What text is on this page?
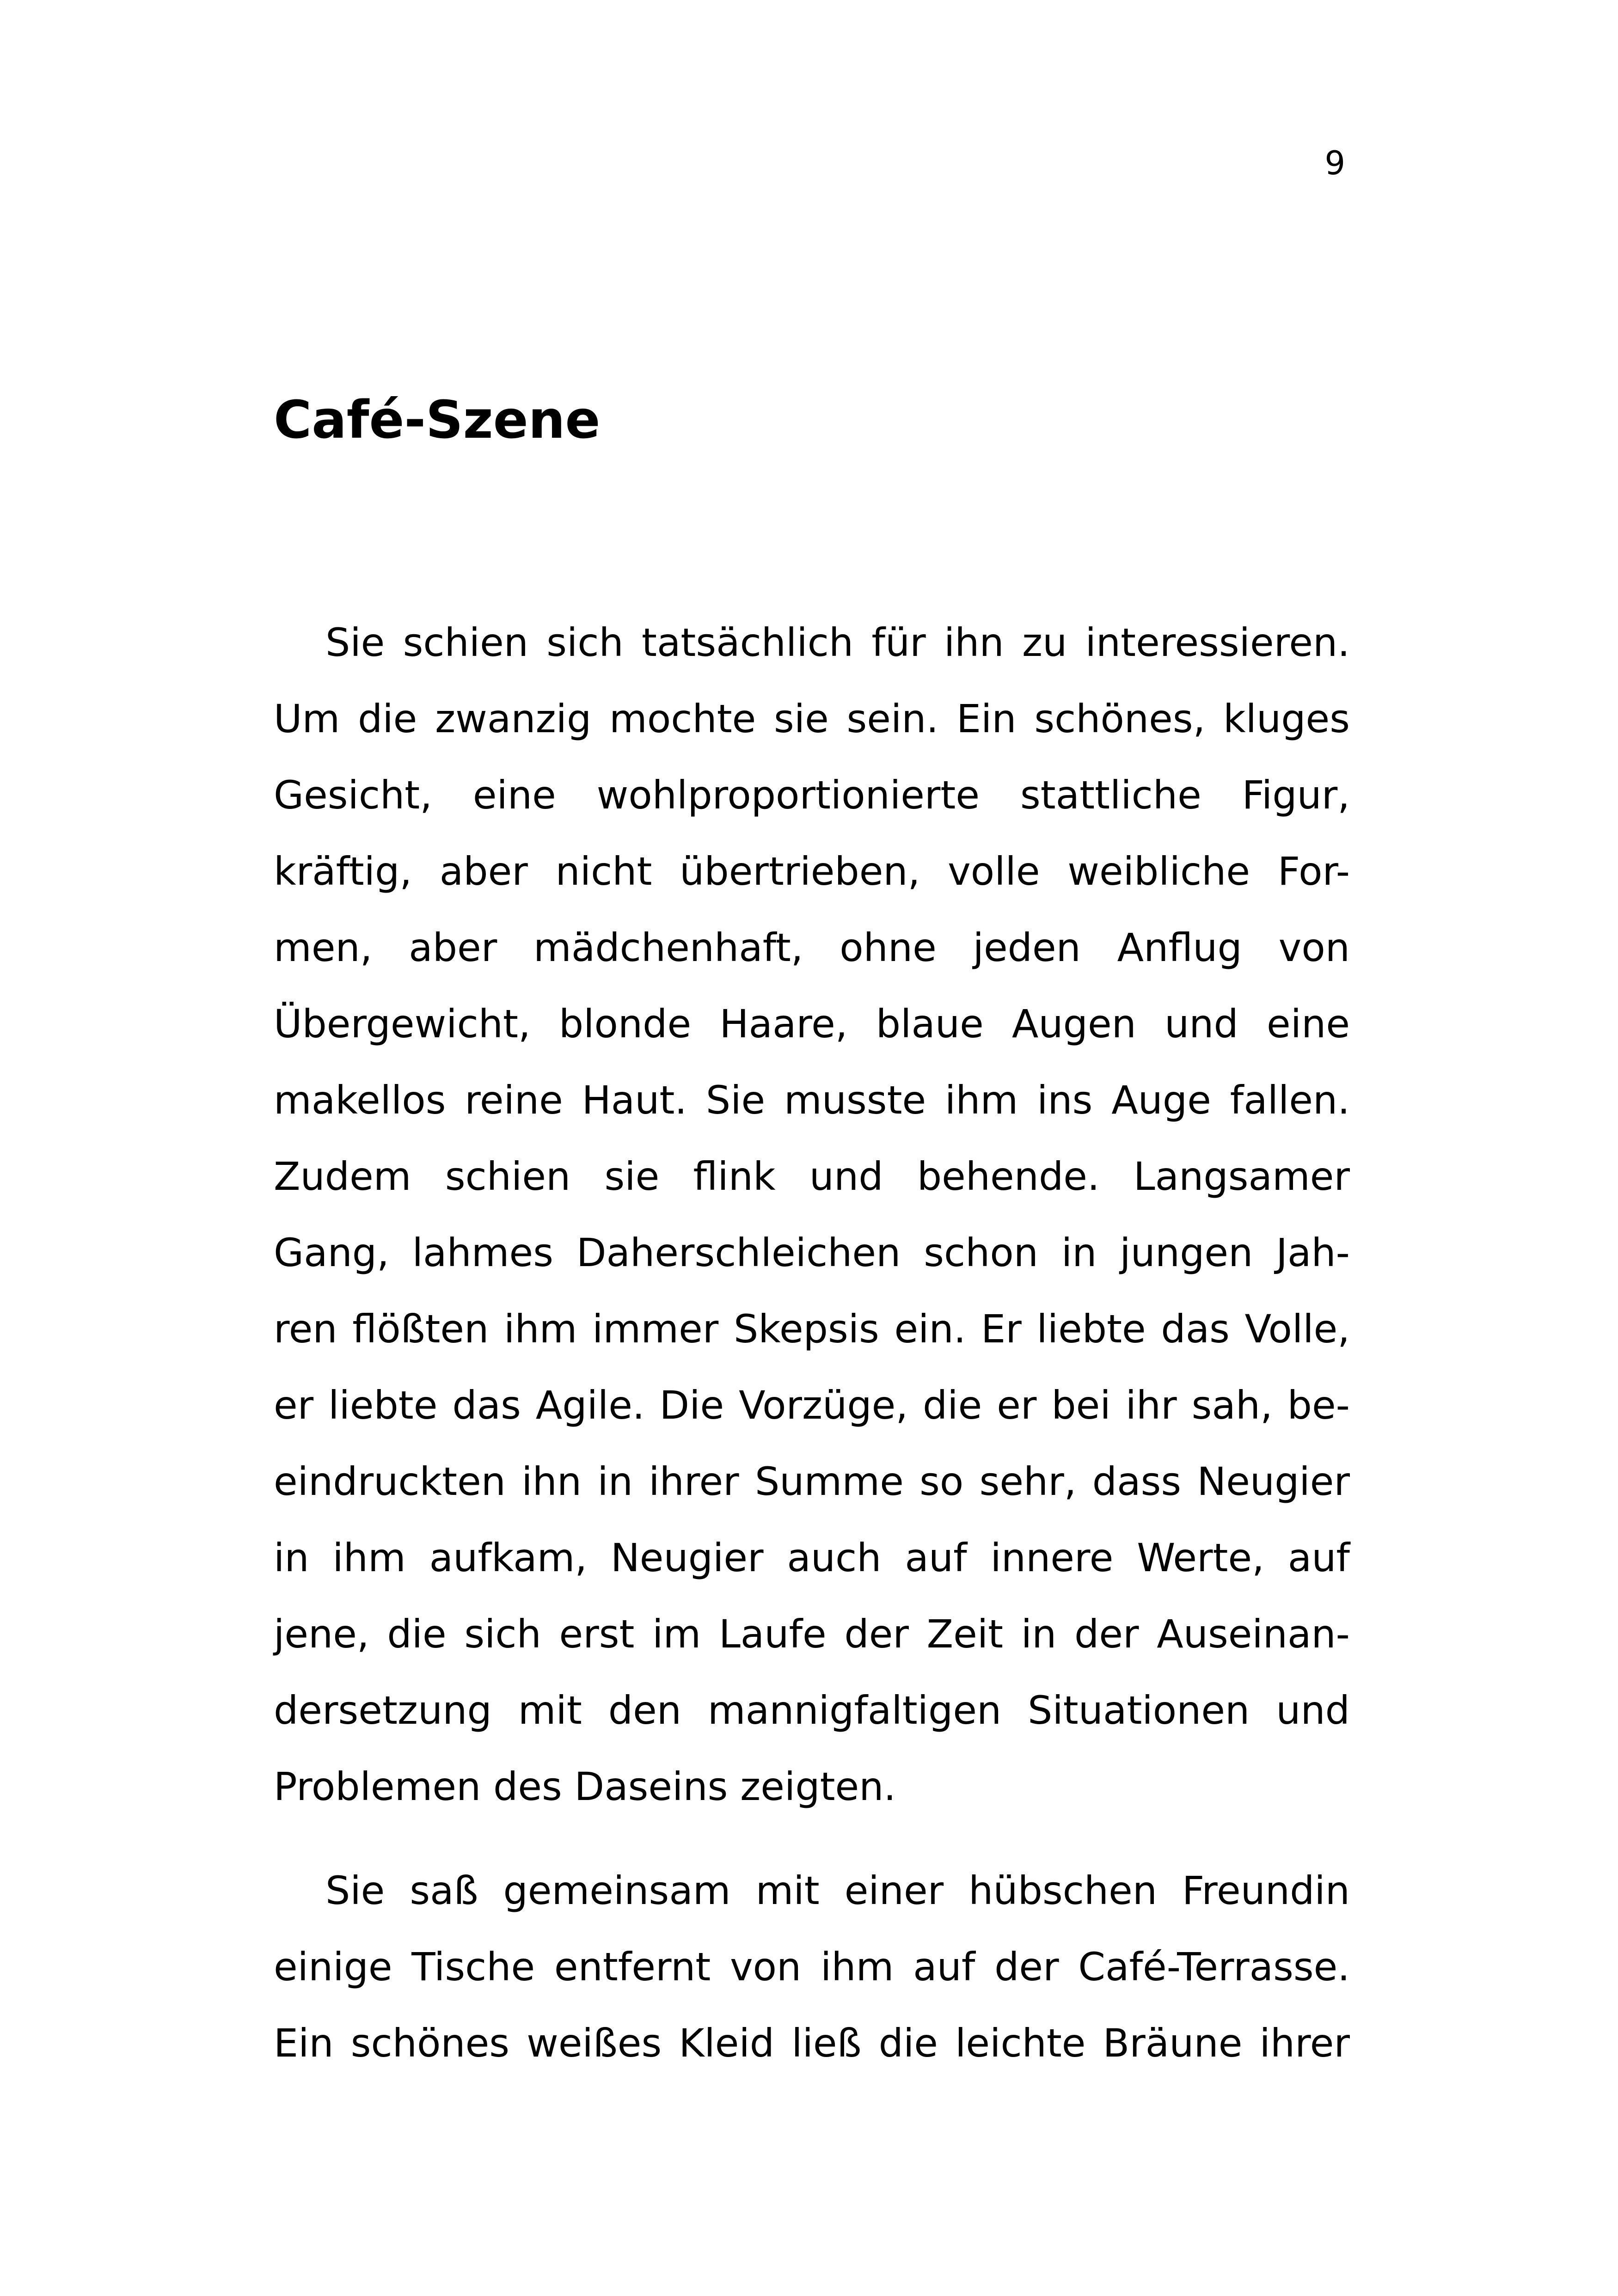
9
Café-Szene
Sie schien sich tatsächlich für ihn zu interessieren.
Um die zwanzig mochte sie sein. Ein schönes, kluges
Gesicht, eine wohlproportionierte stattliche Figur,
kräftig, aber nicht übertrieben, volle weibliche For-
men, aber mädchenhaft, ohne jeden Anflug von
Übergewicht, blonde Haare, blaue Augen und eine
makellos reine Haut. Sie musste ihm ins Auge fallen.
Zudem schien sie flink und behende. Langsamer
Gang, lahmes Daherschleichen schon in jungen Jah-
ren flößten ihm immer Skepsis ein. Er liebte das Volle,
er liebte das Agile. Die Vorzüge, die er bei ihr sah, be-
eindruckten ihn in ihrer Summe so sehr, dass Neugier
in ihm aufkam, Neugier auch auf innere Werte, auf
jene, die sich erst im Laufe der Zeit in der Auseinan-
dersetzung mit den mannigfaltigen Situationen und
Problemen des Daseins zeigten.
Sie saß gemeinsam mit einer hübschen Freundin
einige Tische entfernt von ihm auf der Café-Terrasse.
Ein schönes weißes Kleid ließ die leichte Bräune ihrer
